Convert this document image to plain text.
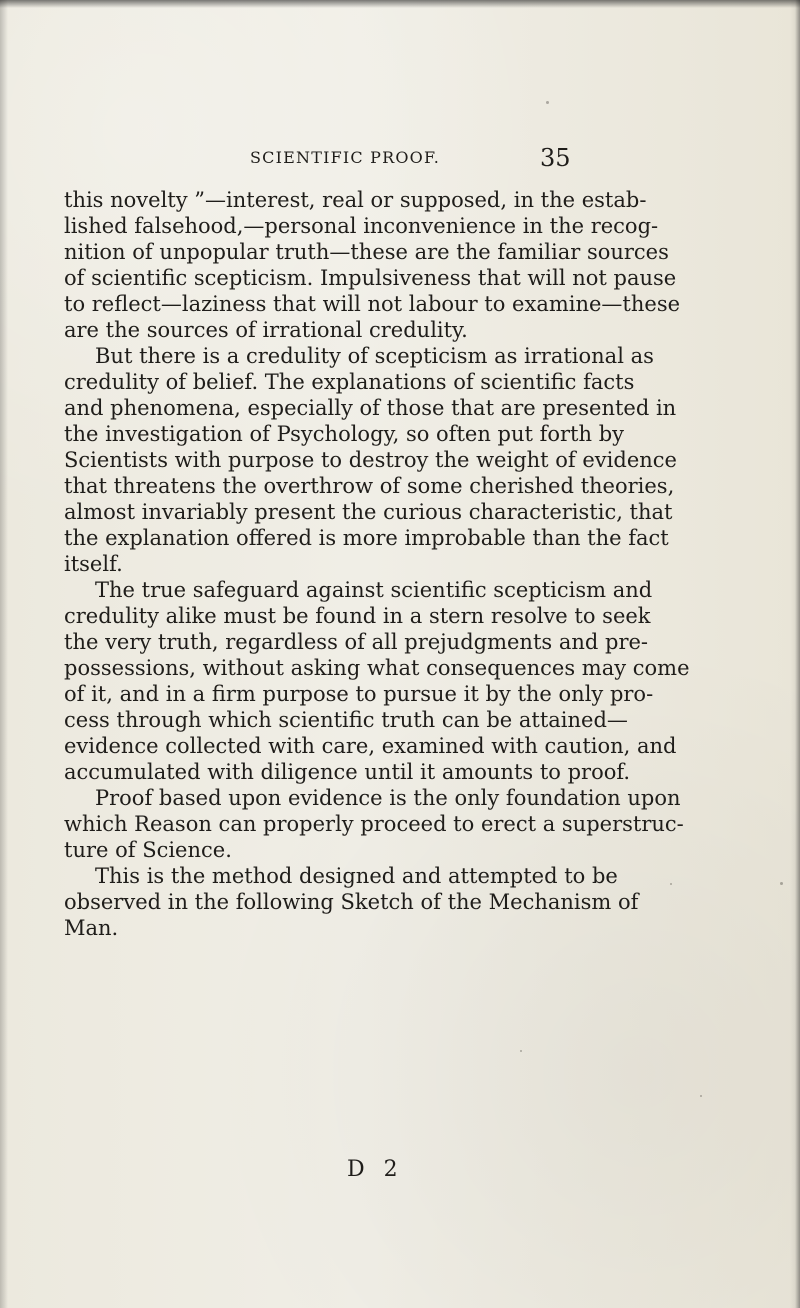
SCIENTIFIC PROOF.	35
this novelty ”—interest, real or supposed, in the estab-
lished falsehood,—personal inconvenience in the recog-
nition of unpopular truth—these are the familiar sources
of scientific scepticism. Impulsiveness that will not pause
to reflect—laziness that will not labour to examine—these
are the sources of irrational credulity.
But there is a credulity of scepticism as irrational as
credulity of belief. The explanations of scientific facts
and phenomena, especially of those that are presented in
the investigation of Psychology, so often put forth by
Scientists with purpose to destroy the weight of evidence
that threatens the overthrow of some cherished theories,
almost invariably present the curious characteristic, that
the explanation offered is more improbable than the fact
itself.
The true safeguard against scientific scepticism and
credulity alike must be found in a stern resolve to seek
the very truth, regardless of all prejudgments and pre-
possessions, without asking what consequences may come
of it, and in a firm purpose to pursue it by the only pro-
cess through which scientific truth can be attained—
evidence collected with care, examined with caution, and
accumulated with diligence until it amounts to proof.
Proof based upon evidence is the only foundation upon
which Reason can properly proceed to erect a superstruc-
ture of Science.
This is the method designed and attempted to be
observed in the following Sketch of the Mechanism of
Man.
D 2
